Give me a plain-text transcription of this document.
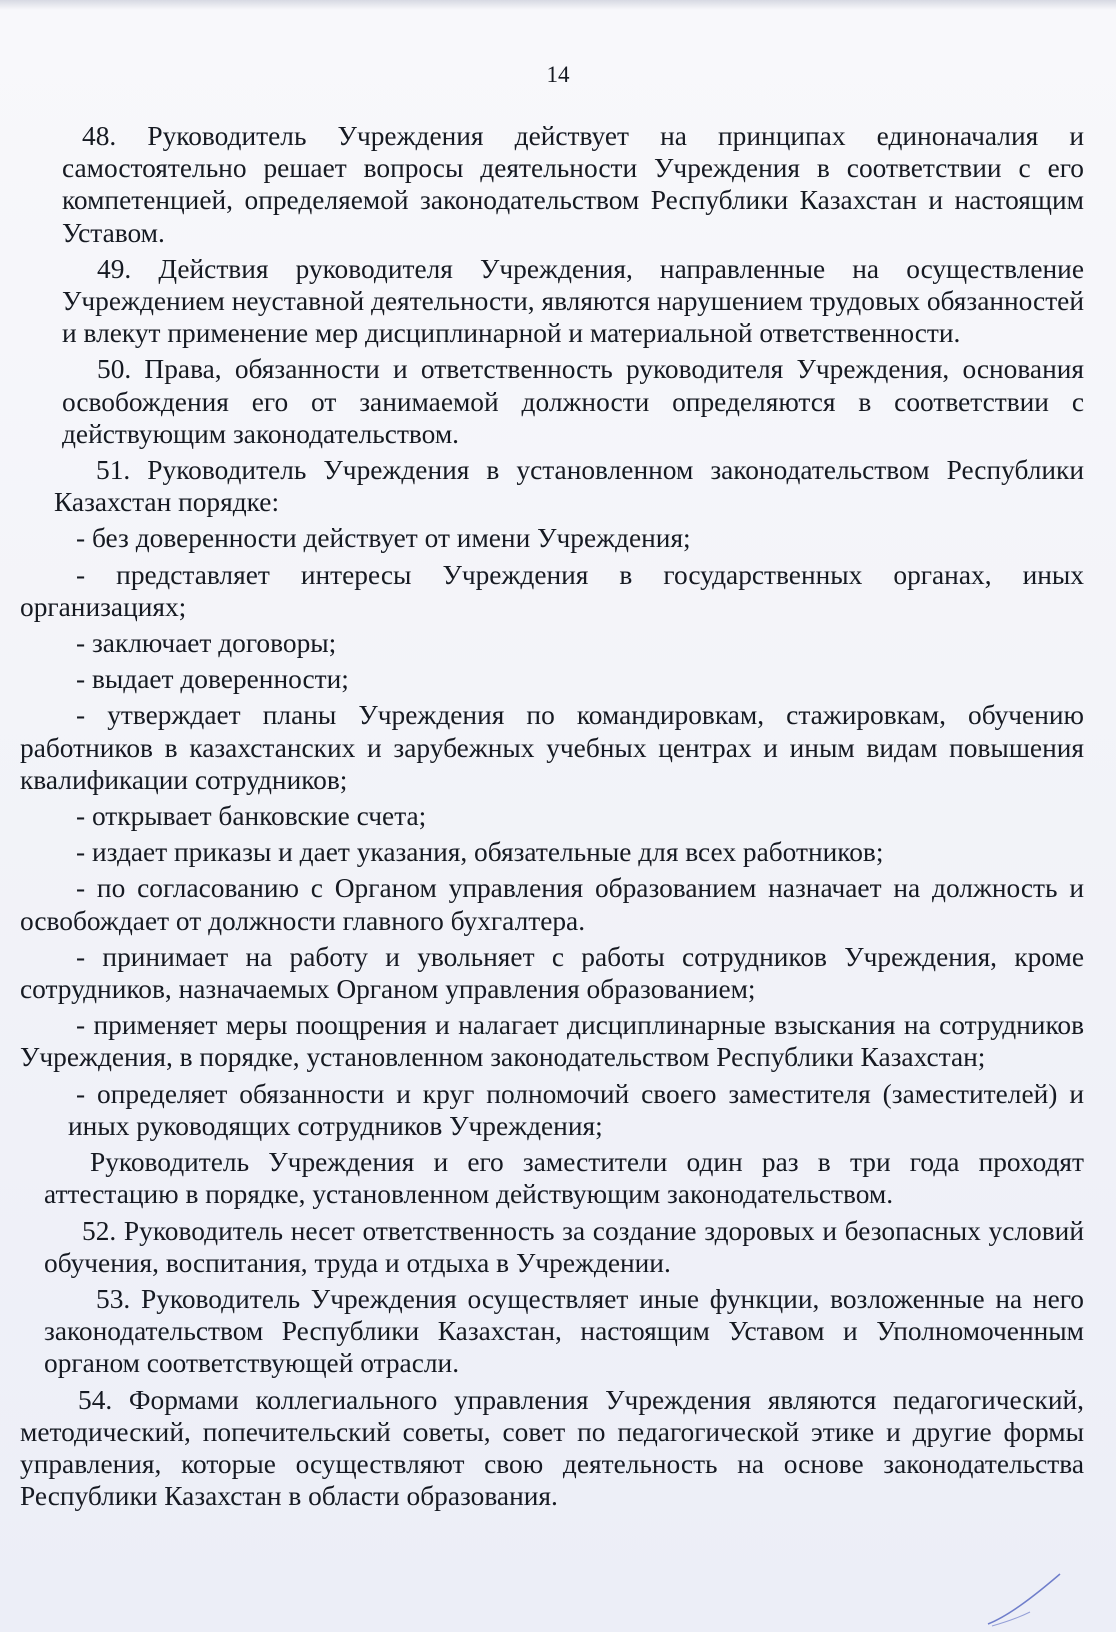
14

48. Руководитель Учреждения действует на принципах единоначалия и самостоятельно решает вопросы деятельности Учреждения в соответствии с его компетенцией, определяемой законодательством Республики Казахстан и настоящим Уставом.

49. Действия руководителя Учреждения, направленные на осуществление Учреждением неуставной деятельности, являются нарушением трудовых обязанностей и влекут применение мер дисциплинарной и материальной ответственности.

50. Права, обязанности и ответственность руководителя Учреждения, основания освобождения его от занимаемой должности определяются в соответствии с действующим законодательством.

51. Руководитель Учреждения в установленном законодательством Республики Казахстан порядке:

- без доверенности действует от имени Учреждения;

- представляет интересы Учреждения в государственных органах, иных организациях;

- заключает договоры;

- выдает доверенности;

- утверждает планы Учреждения по командировкам, стажировкам, обучению работников в казахстанских и зарубежных учебных центрах и иным видам повышения квалификации сотрудников;

- открывает банковские счета;

- издает приказы и дает указания, обязательные для всех работников;

- по согласованию с Органом управления образованием назначает на должность и освобождает от должности главного бухгалтера.

- принимает на работу и увольняет с работы сотрудников Учреждения, кроме сотрудников, назначаемых Органом управления образованием;

- применяет меры поощрения и налагает дисциплинарные взыскания на сотрудников Учреждения, в порядке, установленном законодательством Республики Казахстан;

- определяет обязанности и круг полномочий своего заместителя (заместителей) и иных руководящих сотрудников Учреждения;

Руководитель Учреждения и его заместители один раз в три года проходят аттестацию в порядке, установленном действующим законодательством.

52. Руководитель несет ответственность за создание здоровых и безопасных условий обучения, воспитания, труда и отдыха в Учреждении.

53. Руководитель Учреждения осуществляет иные функции, возложенные на него законодательством Республики Казахстан, настоящим Уставом и Уполномоченным органом соответствующей отрасли.

54. Формами коллегиального управления Учреждения являются педагогический, методический, попечительский советы, совет по педагогической этике и другие формы управления, которые осуществляют свою деятельность на основе законодательства Республики Казахстан в области образования.
